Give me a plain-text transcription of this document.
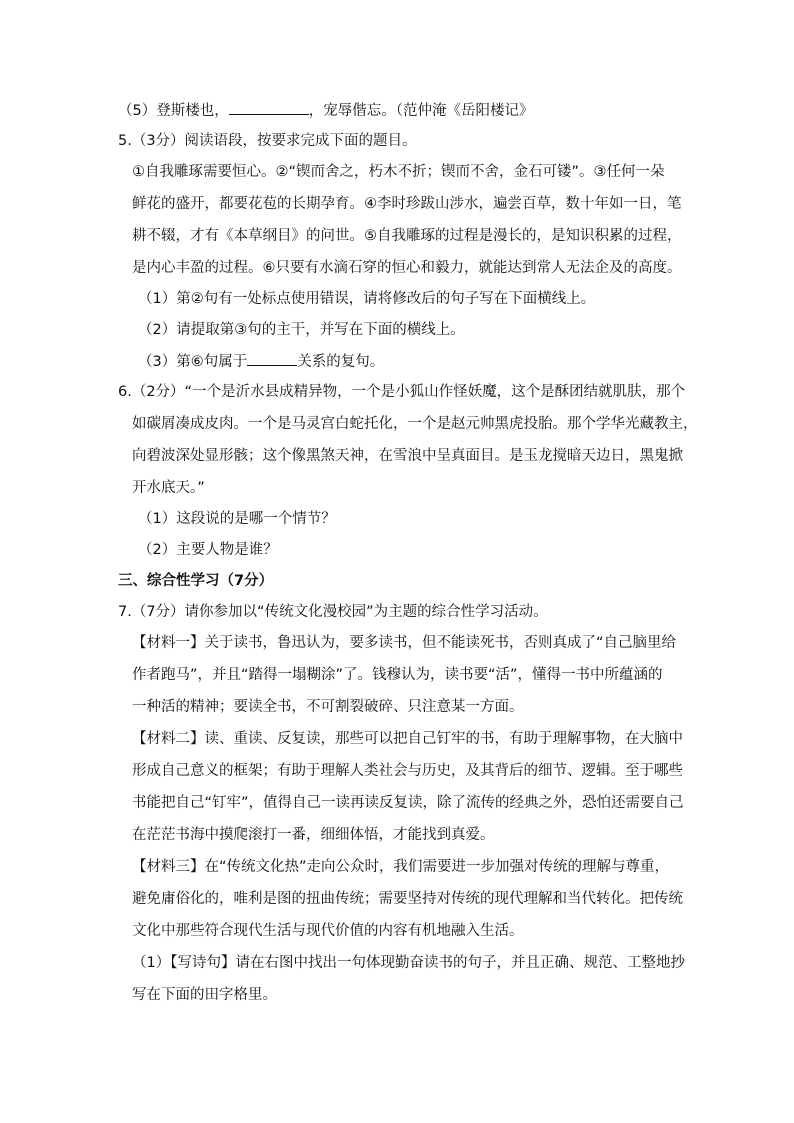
（5）登斯楼也，	，宠辱偕忘。（范仲淹《岳阳楼记》
5.（3分）阅读语段，按要求完成下面的题目。
①自我雕琢需要恒心。②“锲而舍之，朽木不折；锲而不舍，金石可镂”。③任何一朵
鲜花的盛开，都要花苞的长期孕育。④李时珍跋山涉水，遍尝百草，数十年如一日，笔
耕不辍，才有《本草纲目》的问世。⑤自我雕琢的过程是漫长的，是知识积累的过程，
是内心丰盈的过程。⑥只要有水滴石穿的恒心和毅力，就能达到常人无法企及的高度。
（1）第②句有一处标点使用错误，请将修改后的句子写在下面横线上。
（2）请提取第③句的主干，并写在下面的横线上。
（3）第⑥句属于	关系的复句。
6.（2分）“一个是沂水县成精异物，一个是小狐山作怪妖魔，这个是酥团结就肌肤，那个
如碳屑凑成皮肉。一个是马灵宫白蛇托化，一个是赵元帅黑虎投胎。那个学华光藏教主，
向碧波深处显形骸；这个像黑煞天神，在雪浪中呈真面目。是玉龙搅暗天边日，黑鬼掀
开水底天。”
（1）这段说的是哪一个情节？
（2）主要人物是谁？
三、综合性学习（7分）
7.（7分）请你参加以“传统文化漫校园”为主题的综合性学习活动。
【材料一】关于读书，鲁迅认为，要多读书，但不能读死书，否则真成了“自己脑里给
作者跑马”，并且“踏得一塌糊涂”了。钱穆认为，读书要“活”，懂得一书中所蕴涵的
一种活的精神；要读全书，不可割裂破碎、只注意某一方面。
【材料二】读、重读、反复读，那些可以把自己钉牢的书，有助于理解事物，在大脑中
形成自己意义的框架；有助于理解人类社会与历史，及其背后的细节、逻辑。至于哪些
书能把自己“钉牢”，值得自己一读再读反复读，除了流传的经典之外，恐怕还需要自己
在茫茫书海中摸爬滚打一番，细细体悟，才能找到真爱。
【材料三】在“传统文化热”走向公众时，我们需要进一步加强对传统的理解与尊重，
避免庸俗化的，唯利是图的扭曲传统；需要坚持对传统的现代理解和当代转化。把传统
文化中那些符合现代生活与现代价值的内容有机地融入生活。
（1）【写诗句】请在右图中找出一句体现勤奋读书的句子，并且正确、规范、工整地抄
写在下面的田字格里。
